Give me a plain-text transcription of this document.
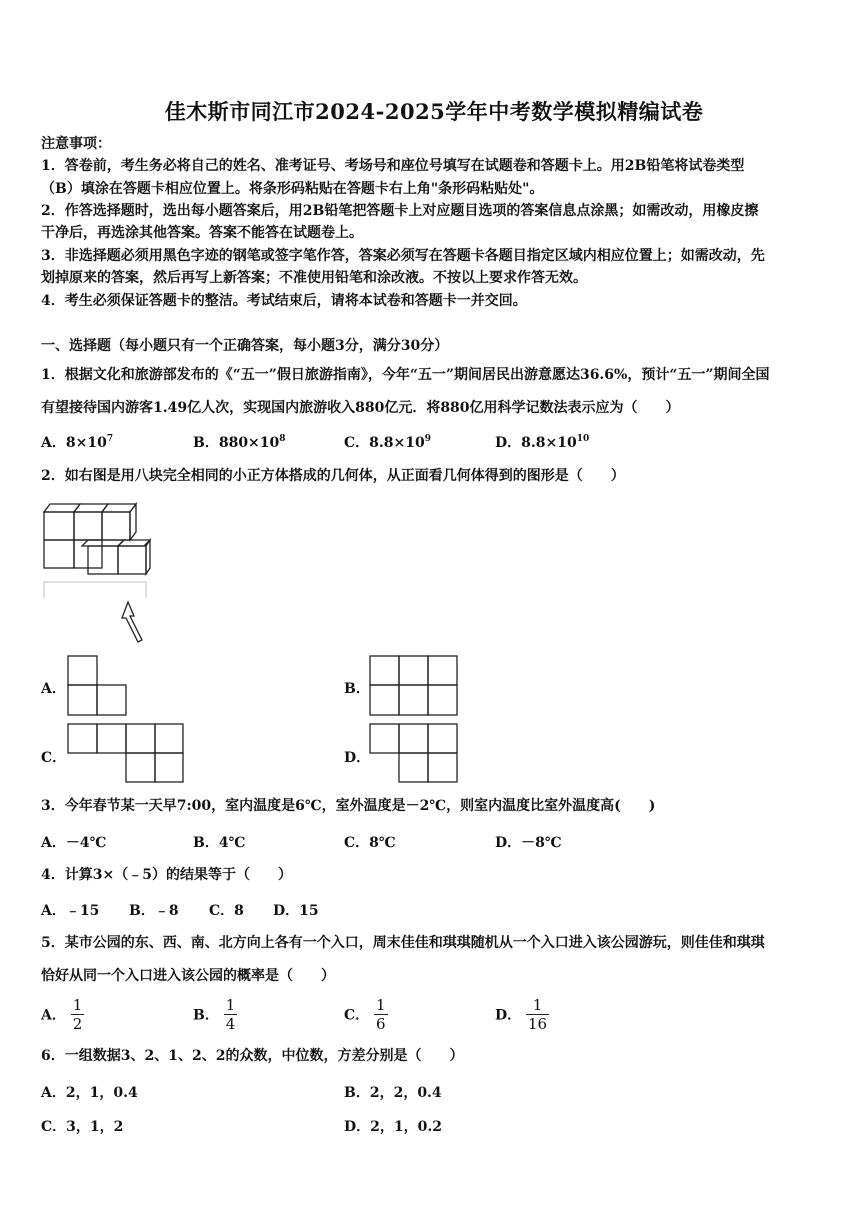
佳木斯市同江市2024-2025学年中考数学模拟精编试卷
注意事项：
1．答卷前，考生务必将自己的姓名、准考证号、考场号和座位号填写在试题卷和答题卡上。用2B铅笔将试卷类型
（B）填涂在答题卡相应位置上。将条形码粘贴在答题卡右上角"条形码粘贴处"。
2．作答选择题时，选出每小题答案后，用2B铅笔把答题卡上对应题目选项的答案信息点涂黑；如需改动，用橡皮擦
干净后，再选涂其他答案。答案不能答在试题卷上。
3．非选择题必须用黑色字迹的钢笔或签字笔作答，答案必须写在答题卡各题目指定区域内相应位置上；如需改动，先
划掉原来的答案，然后再写上新答案；不准使用铅笔和涂改液。不按以上要求作答无效。
4．考生必须保证答题卡的整洁。考试结束后，请将本试卷和答题卡一并交回。
一、选择题（每小题只有一个正确答案，每小题3分，满分30分）
1．根据文化和旅游部发布的《“五一”假日旅游指南》，今年“五一”期间居民出游意愿达36.6%，预计“五一”期间全国
有望接待国内游客1.49亿人次，实现国内旅游收入880亿元．将880亿用科学记数法表示应为（　　）
A．$8\times 10^7$	B．$880\times 10^8$	C．$8.8\times 10^9$	D．$8.8\times 10^{10}$
2．如右图是用八块完全相同的小正方体搭成的几何体，从正面看几何体得到的图形是（　　）
A．	B．
C．	D．
3．今年春节某一天早7:00，室内温度是6℃，室外温度是－2℃，则室内温度比室外温度高(　　)
A．－4℃	B．4℃	C．8℃	D．－8℃
4．计算3×（﹣5）的结果等于（　　）
A．﹣15 B．﹣8 C．8 D．15
5．某市公园的东、西、南、北方向上各有一个入口，周末佳佳和琪琪随机从一个入口进入该公园游玩，则佳佳和琪琪
恰好从同一个入口进入该公园的概率是（　　）
A． $\frac{1}{2}$	B． $\frac{1}{4}$	C． $\frac{1}{6}$	D． $\frac{1}{16}$
6．一组数据3、2、1、2、2的众数，中位数，方差分别是（　　）
A．2，1，0.4	B．2，2，0.4
C．3，1，2	D．2，1，0.2
